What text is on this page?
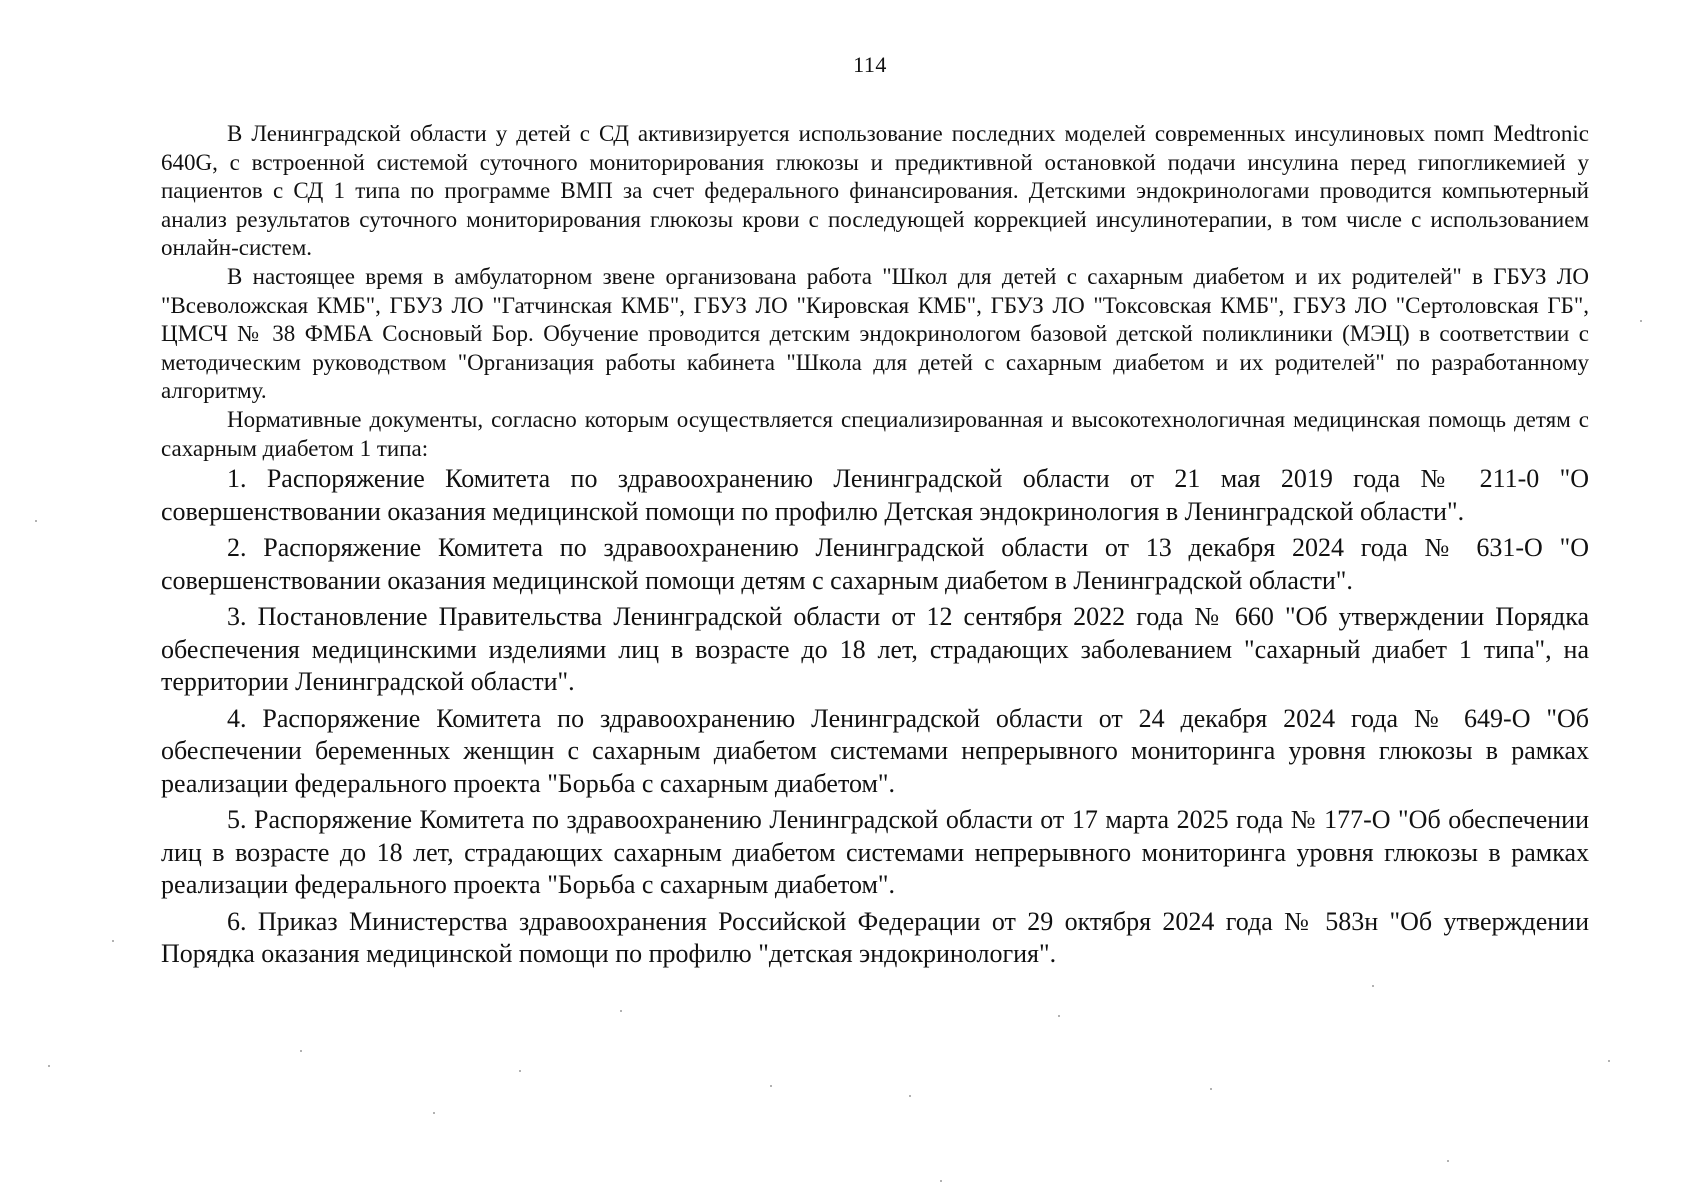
114

В Ленинградской области у детей с СД активизируется использование последних моделей современных инсулиновых помп Medtronic 640G, с встроенной системой суточного мониторирования глюкозы и предиктивной остановкой подачи инсулина перед гипогликемией у пациентов с СД 1 типа по программе ВМП за счет федерального финансирования. Детскими эндокринологами проводится компьютерный анализ результатов суточного мониторирования глюкозы крови с последующей коррекцией инсулинотерапии, в том числе с использованием онлайн-систем.

В настоящее время в амбулаторном звене организована работа "Школ для детей с сахарным диабетом и их родителей" в ГБУЗ ЛО "Всеволожская КМБ", ГБУЗ ЛО "Гатчинская КМБ", ГБУЗ ЛО "Кировская КМБ", ГБУЗ ЛО "Токсовская КМБ", ГБУЗ ЛО "Сертоловская ГБ", ЦМСЧ № 38 ФМБА Сосновый Бор. Обучение проводится детским эндокринологом базовой детской поликлиники (МЭЦ) в соответствии с методическим руководством "Организация работы кабинета "Школа для детей с сахарным диабетом и их родителей" по разработанному алгоритму.

Нормативные документы, согласно которым осуществляется специализированная и высокотехнологичная медицинская помощь детям с сахарным диабетом 1 типа:

1. Распоряжение Комитета по здравоохранению Ленинградской области от 21 мая 2019 года № 211-0 "О совершенствовании оказания медицинской помощи по профилю Детская эндокринология в Ленинградской области".

2. Распоряжение Комитета по здравоохранению Ленинградской области от 13 декабря 2024 года № 631-О "О совершенствовании оказания медицинской помощи детям с сахарным диабетом в Ленинградской области".

3. Постановление Правительства Ленинградской области от 12 сентября 2022 года № 660 "Об утверждении Порядка обеспечения медицинскими изделиями лиц в возрасте до 18 лет, страдающих заболеванием "сахарный диабет 1 типа", на территории Ленинградской области".

4. Распоряжение Комитета по здравоохранению Ленинградской области от 24 декабря 2024 года № 649-О "Об обеспечении беременных женщин с сахарным диабетом системами непрерывного мониторинга уровня глюкозы в рамках реализации федерального проекта "Борьба с сахарным диабетом".

5. Распоряжение Комитета по здравоохранению Ленинградской области от 17 марта 2025 года № 177-О "Об обеспечении лиц в возрасте до 18 лет, страдающих сахарным диабетом системами непрерывного мониторинга уровня глюкозы в рамках реализации федерального проекта "Борьба с сахарным диабетом".

6. Приказ Министерства здравоохранения Российской Федерации от 29 октября 2024 года № 583н "Об утверждении Порядка оказания медицинской помощи по профилю "детская эндокринология".
